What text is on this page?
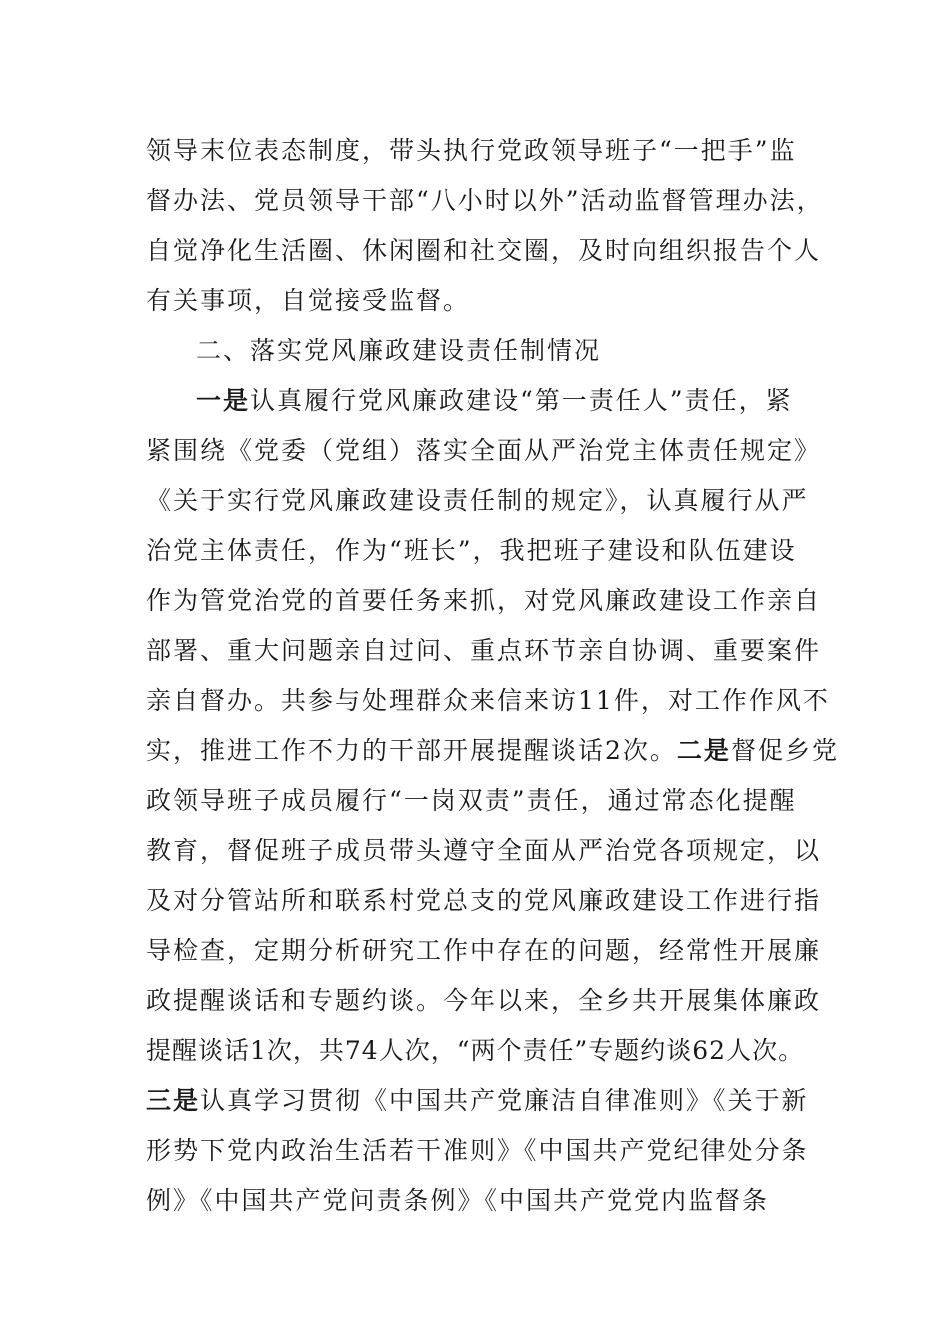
领导末位表态制度，带头执行党政领导班子“一把手”监
督办法、党员领导干部“八小时以外”活动监督管理办法，
自觉净化生活圈、休闲圈和社交圈，及时向组织报告个人
有关事项，自觉接受监督。
二、落实党风廉政建设责任制情况
一是认真履行党风廉政建设“第一责任人”责任，紧
紧围绕《党委（党组）落实全面从严治党主体责任规定》
《关于实行党风廉政建设责任制的规定》，认真履行从严
治党主体责任，作为“班长”，我把班子建设和队伍建设
作为管党治党的首要任务来抓，对党风廉政建设工作亲自
部署、重大问题亲自过问、重点环节亲自协调、重要案件
亲自督办。共参与处理群众来信来访11件，对工作作风不
实，推进工作不力的干部开展提醒谈话2次。二是督促乡党
政领导班子成员履行“一岗双责”责任，通过常态化提醒
教育，督促班子成员带头遵守全面从严治党各项规定，以
及对分管站所和联系村党总支的党风廉政建设工作进行指
导检查，定期分析研究工作中存在的问题，经常性开展廉
政提醒谈话和专题约谈。今年以来，全乡共开展集体廉政
提醒谈话1次，共74人次，“两个责任”专题约谈62人次。
三是认真学习贯彻《中国共产党廉洁自律准则》《关于新
形势下党内政治生活若干准则》《中国共产党纪律处分条
例》《中国共产党问责条例》《中国共产党党内监督条
